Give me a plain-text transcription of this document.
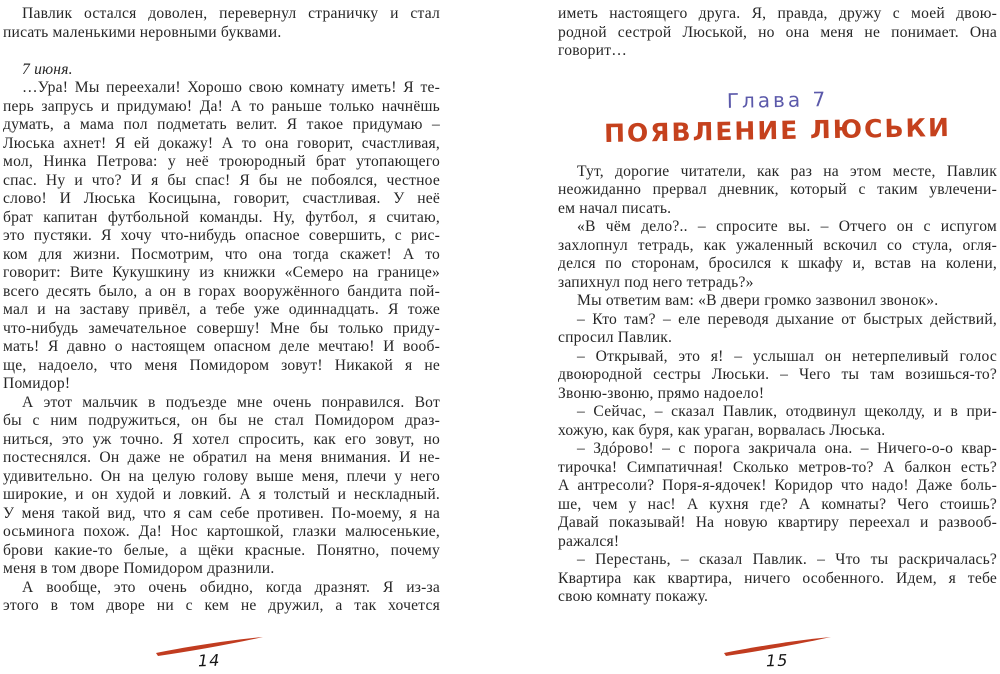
Павлик остался доволен, перевернул страничку и стал
писать маленькими неровными буквами.
7 июня.
…Ура! Мы переехали! Хорошо свою комнату иметь! Я те-
перь запрусь и придумаю! Да! А то раньше только начнёшь
думать, а мама пол подметать велит. Я такое придумаю –
Люська ахнет! Я ей докажу! А то она говорит, счастливая,
мол, Нинка Петрова: у неё троюродный брат утопающего
спас. Ну и что? И я бы спас! Я бы не побоялся, честное
слово! И Люська Косицына, говорит, счастливая. У неё
брат капитан футбольной команды. Ну, футбол, я считаю,
это пустяки. Я хочу что-нибудь опасное совершить, с рис-
ком для жизни. Посмотрим, что она тогда скажет! А то
говорит: Вите Кукушкину из книжки «Семеро на границе»
всего десять было, а он в горах вооружённого бандита пой-
мал и на заставу привёл, а тебе уже одиннадцать. Я тоже
что-нибудь замечательное совершу! Мне бы только приду-
мать! Я давно о настоящем опасном деле мечтаю! И вооб-
ще, надоело, что меня Помидором зовут! Никакой я не
Помидор!
А этот мальчик в подъезде мне очень понравился. Вот
бы с ним подружиться, он бы не стал Помидором драз-
ниться, это уж точно. Я хотел спросить, как его зовут, но
постеснялся. Он даже не обратил на меня внимания. И не-
удивительно. Он на целую голову выше меня, плечи у него
широкие, и он худой и ловкий. А я толстый и нескладный.
У меня такой вид, что я сам себе противен. По-моему, я на
осьминога похож. Да! Нос картошкой, глазки малюсенькие,
брови какие-то белые, а щёки красные. Понятно, почему
меня в том дворе Помидором дразнили.
А вообще, это очень обидно, когда дразнят. Я из-за
этого в том дворе ни с кем не дружил, а так хочется
14
иметь настоящего друга. Я, правда, дружу с моей двою-
родной сестрой Люськой, но она меня не понимает. Она
говорит…
Глава 7
ПОЯВЛЕНИЕ ЛЮСЬКИ
Тут, дорогие читатели, как раз на этом месте, Павлик
неожиданно прервал дневник, который с таким увлечени-
ем начал писать.
«В чём дело?.. – спросите вы. – Отчего он с испугом
захлопнул тетрадь, как ужаленный вскочил со стула, огля-
делся по сторонам, бросился к шкафу и, встав на колени,
запихнул под него тетрадь?»
Мы ответим вам: «В двери громко зазвонил звонок».
– Кто там? – еле переводя дыхание от быстрых действий,
спросил Павлик.
– Открывай, это я! – услышал он нетерпеливый голос
двоюродной сестры Люськи. – Чего ты там возишься-то?
Звоню-звоню, прямо надоело!
– Сейчас, – сказал Павлик, отодвинул щеколду, и в при-
хожую, как буря, как ураган, ворвалась Люська.
– Здóрово! – с порога закричала она. – Ничего-о-о квар-
тирочка! Симпатичная! Сколько метров-то? А балкон есть?
А антресоли? Поря-я-ядочек! Коридор что надо! Даже боль-
ше, чем у нас! А кухня где? А комнаты? Чего стоишь?
Давай показывай! На новую квартиру переехал и развооб-
ражался!
– Перестань, – сказал Павлик. – Что ты раскричалась?
Квартира как квартира, ничего особенного. Идем, я тебе
свою комнату покажу.
15
